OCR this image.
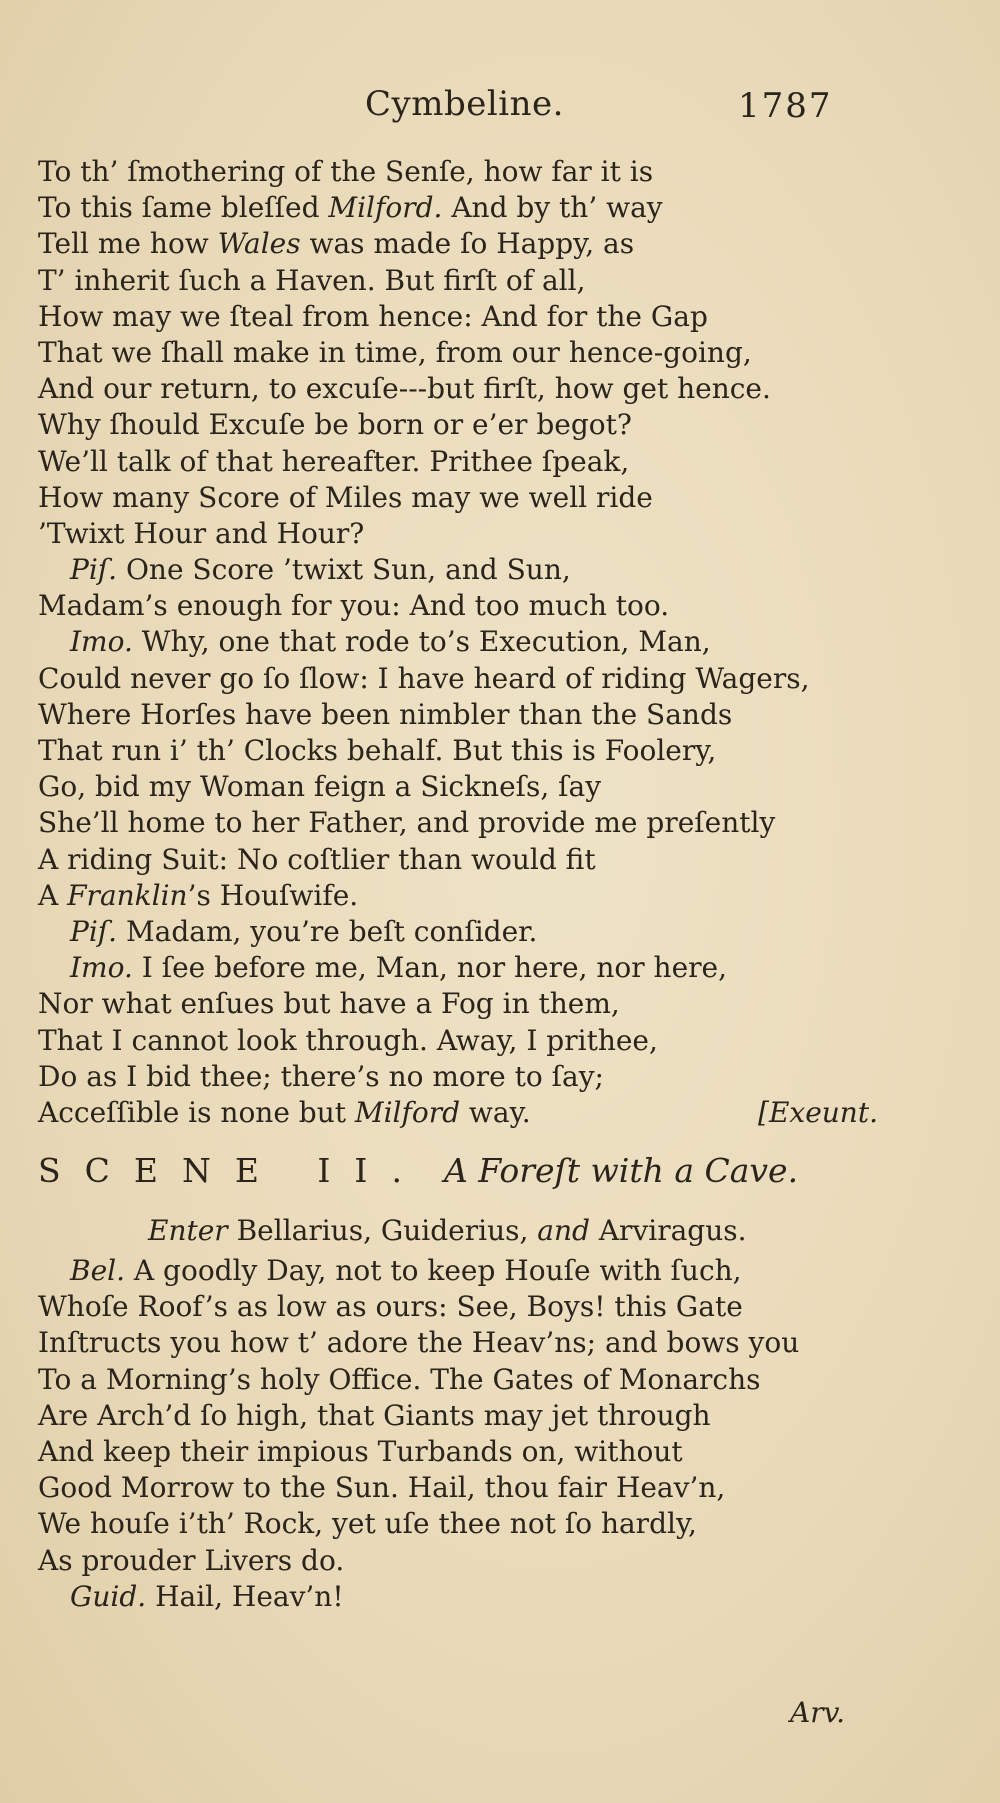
Cymbeline.	1787
To th’ ſmothering of the Senſe, how far it is
To this ſame bleſſed Milford. And by th’ way
Tell me how Wales was made ſo Happy, as
T’ inherit ſuch a Haven. But firſt of all,
How may we ſteal from hence: And for the Gap
That we ſhall make in time, from our hence-going,
And our return, to excuſe---but firſt, how get hence.
Why ſhould Excuſe be born or e’er begot?
We’ll talk of that hereafter. Prithee ſpeak,
How many Score of Miles may we well ride
’Twixt Hour and Hour?
Piſ. One Score ’twixt Sun, and Sun,
Madam’s enough for you: And too much too.
Imo. Why, one that rode to’s Execution, Man,
Could never go ſo ſlow: I have heard of riding Wagers,
Where Horſes have been nimbler than the Sands
That run i’ th’ Clocks behalf. But this is Foolery,
Go, bid my Woman feign a Sickneſs, ſay
She’ll home to her Father, and provide me preſently
A riding Suit: No coſtlier than would fit
A Franklin’s Houſwife.
Piſ. Madam, you’re beſt conſider.
Imo. I ſee before me, Man, nor here, nor here,
Nor what enſues but have a Fog in them,
That I cannot look through. Away, I prithee,
Do as I bid thee; there’s no more to ſay;
Acceſſible is none but Milford way.	[Exeunt.
SCENE II. A Foreſt with a Cave.
Enter Bellarius, Guiderius, and Arviragus.
Bel. A goodly Day, not to keep Houſe with ſuch,
Whoſe Roof’s as low as ours: See, Boys! this Gate
Inſtructs you how t’ adore the Heav’ns; and bows you
To a Morning’s holy Office. The Gates of Monarchs
Are Arch’d ſo high, that Giants may jet through
And keep their impious Turbands on, without
Good Morrow to the Sun. Hail, thou fair Heav’n,
We houſe i’th’ Rock, yet uſe thee not ſo hardly,
As prouder Livers do.
Guid. Hail, Heav’n!
Arv.
